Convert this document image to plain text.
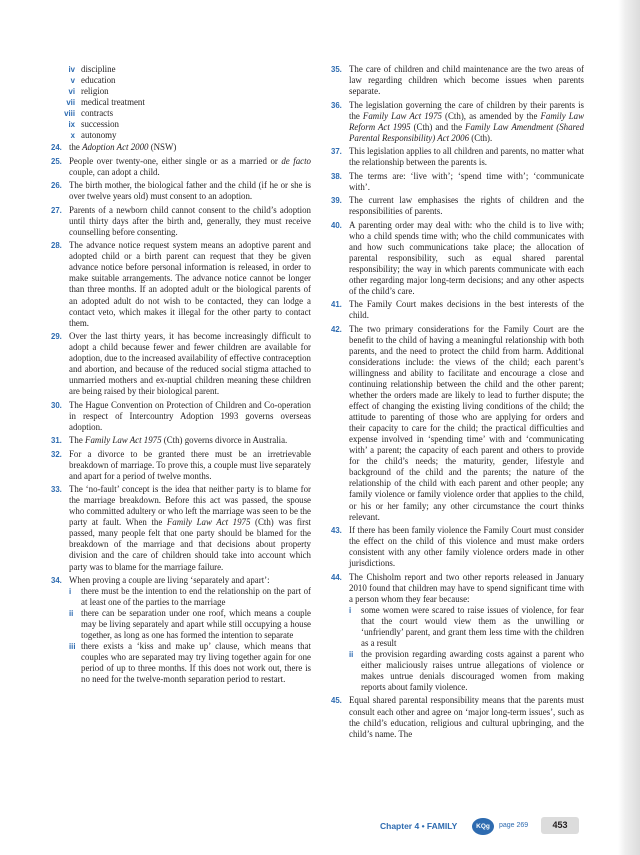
iv discipline
v education
vi religion
vii medical treatment
viii contracts
ix succession
x autonomy
24. the Adoption Act 2000 (NSW)
25. People over twenty-one, either single or as a married or de facto couple, can adopt a child.
26. The birth mother, the biological father and the child (if he or she is over twelve years old) must consent to an adoption.
27. Parents of a newborn child cannot consent to the child’s adoption until thirty days after the birth and, generally, they must receive counselling before consenting.
28. The advance notice request system means an adoptive parent and adopted child or a birth parent can request that they be given advance notice before personal information is released, in order to make suitable arrangements. The advance notice cannot be longer than three months. If an adopted adult or the biological parents of an adopted adult do not wish to be contacted, they can lodge a contact veto, which makes it illegal for the other party to contact them.
29. Over the last thirty years, it has become increasingly difficult to adopt a child because fewer and fewer children are available for adoption, due to the increased availability of effective contraception and abortion, and because of the reduced social stigma attached to unmarried mothers and ex-nuptial children meaning these children are being raised by their biological parent.
30. The Hague Convention on Protection of Children and Co-operation in respect of Intercountry Adoption 1993 governs overseas adoption.
31. The Family Law Act 1975 (Cth) governs divorce in Australia.
32. For a divorce to be granted there must be an irretrievable breakdown of marriage. To prove this, a couple must live separately and apart for a period of twelve months.
33. The ‘no-fault’ concept is the idea that neither party is to blame for the marriage breakdown. Before this act was passed, the spouse who committed adultery or who left the marriage was seen to be the party at fault. When the Family Law Act 1975 (Cth) was first passed, many people felt that one party should be blamed for the breakdown of the marriage and that decisions about property division and the care of children should take into account which party was to blame for the marriage failure.
34. When proving a couple are living ‘separately and apart’:
i there must be the intention to end the relationship on the part of at least one of the parties to the marriage
ii there can be separation under one roof, which means a couple may be living separately and apart while still occupying a house together, as long as one has formed the intention to separate
iii there exists a ‘kiss and make up’ clause, which means that couples who are separated may try living together again for one period of up to three months. If this does not work out, there is no need for the twelve-month separation period to restart.
35. The care of children and child maintenance are the two areas of law regarding children which become issues when parents separate.
36. The legislation governing the care of children by their parents is the Family Law Act 1975 (Cth), as amended by the Family Law Reform Act 1995 (Cth) and the Family Law Amendment (Shared Parental Responsibility) Act 2006 (Cth).
37. This legislation applies to all children and parents, no matter what the relationship between the parents is.
38. The terms are: ‘live with’; ‘spend time with’; ‘communicate with’.
39. The current law emphasises the rights of children and the responsibilities of parents.
40. A parenting order may deal with: who the child is to live with; who a child spends time with; who the child communicates with and how such communications take place; the allocation of parental responsibility, such as equal shared parental responsibility; the way in which parents communicate with each other regarding major long-term decisions; and any other aspects of the child’s care.
41. The Family Court makes decisions in the best interests of the child.
42. The two primary considerations for the Family Court are the benefit to the child of having a meaningful relationship with both parents, and the need to protect the child from harm. Additional considerations include: the views of the child; each parent’s willingness and ability to facilitate and encourage a close and continuing relationship between the child and the other parent; whether the orders made are likely to lead to further dispute; the effect of changing the existing living conditions of the child; the attitude to parenting of those who are applying for orders and their capacity to care for the child; the practical difficulties and expense involved in ‘spending time’ with and ‘communicating with’ a parent; the capacity of each parent and others to provide for the child’s needs; the maturity, gender, lifestyle and background of the child and the parents; the nature of the relationship of the child with each parent and other people; any family violence or family violence order that applies to the child, or his or her family; any other circumstance the court thinks relevant.
43. If there has been family violence the Family Court must consider the effect on the child of this violence and must make orders consistent with any other family violence orders made in other jurisdictions.
44. The Chisholm report and two other reports released in January 2010 found that children may have to spend significant time with a person whom they fear because:
i some women were scared to raise issues of violence, for fear that the court would view them as the unwilling or ‘unfriendly’ parent, and grant them less time with the children as a result
ii the provision regarding awarding costs against a parent who either maliciously raises untrue allegations of violence or makes untrue denials discouraged women from making reports about family violence.
45. Equal shared parental responsibility means that the parents must consult each other and agree on ‘major long-term issues’, such as the child’s education, religious and cultural upbringing, and the child’s name. The
Chapter 4 • FAMILY	KQg	page 269	453
